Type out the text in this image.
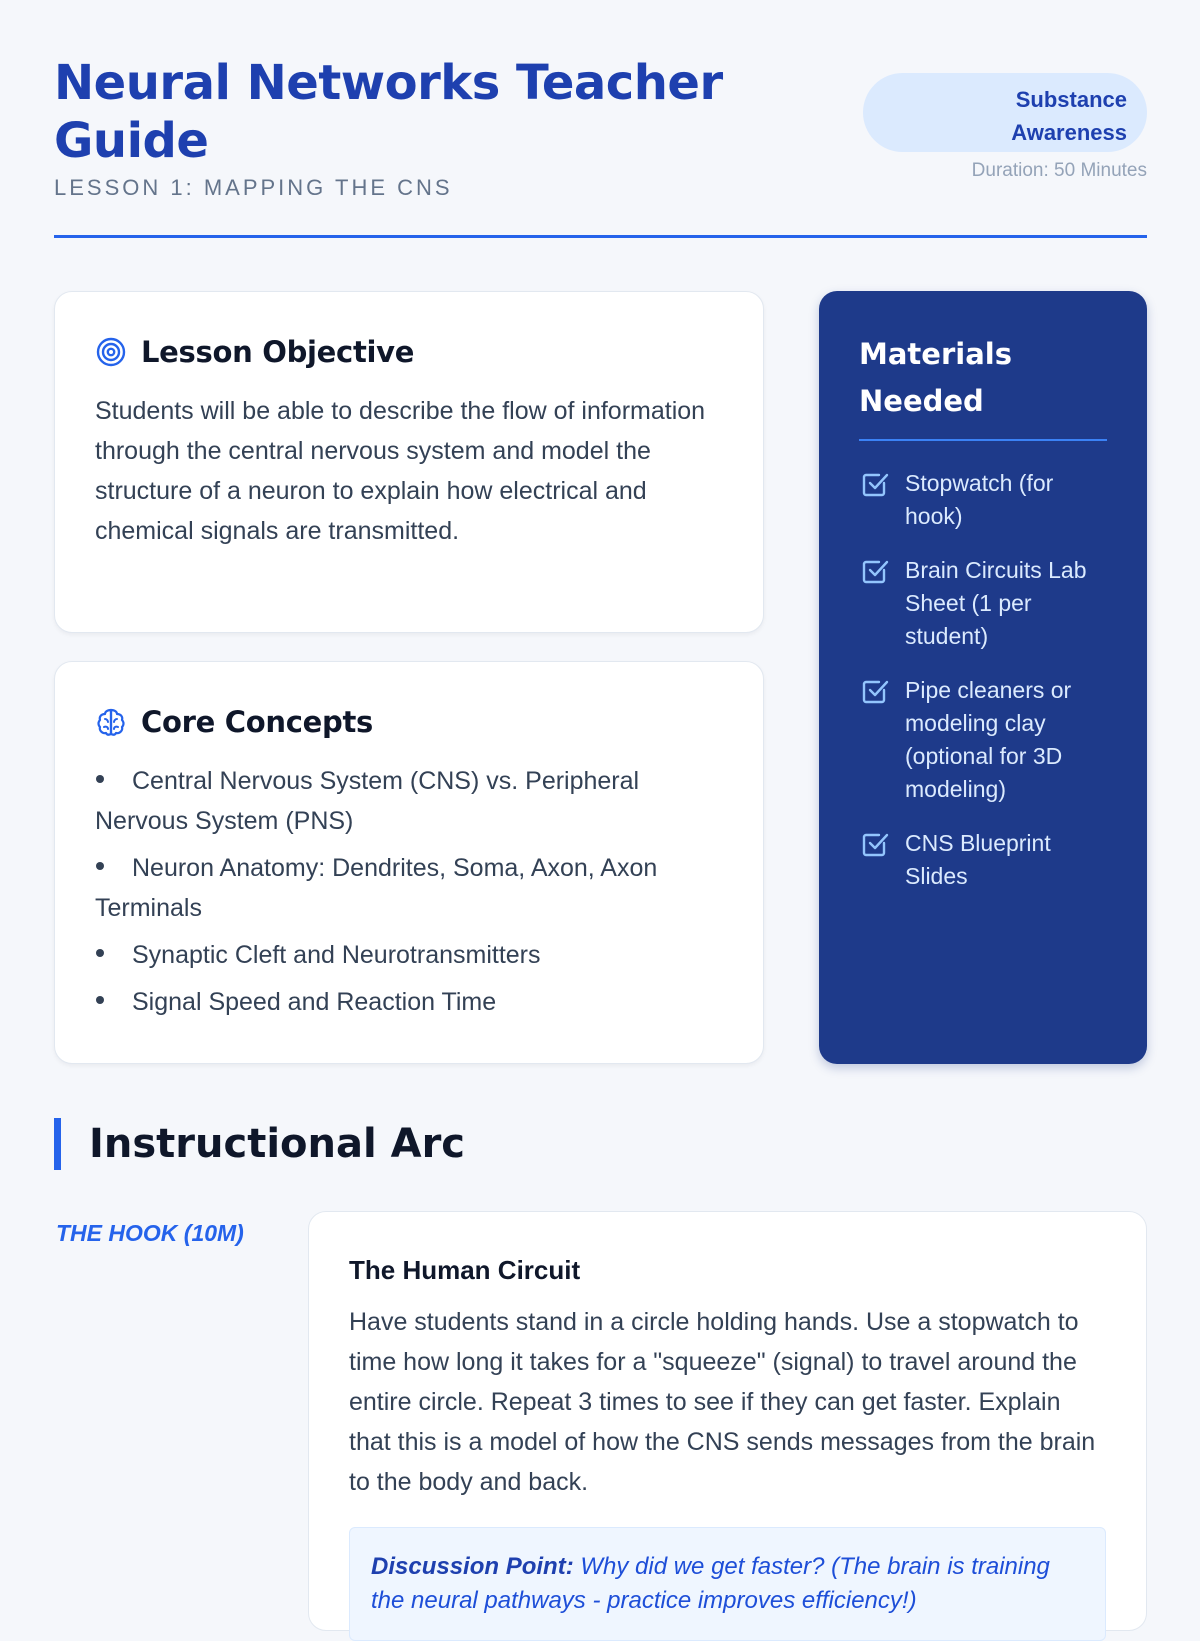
Neural Networks Teacher Guide
LESSON 1: MAPPING THE CNS
Substance Awareness
Duration: 50 Minutes
Lesson Objective

Students will be able to describe the flow of information through the central nervous system and model the structure of a neuron to explain how electrical and chemical signals are transmitted.

Core Concepts
Central Nervous System (CNS) vs. Peripheral Nervous System (PNS)
Neuron Anatomy: Dendrites, Soma, Axon, Axon Terminals
Synaptic Cleft and Neurotransmitters
Signal Speed and Reaction Time
Materials Needed
Stopwatch (for hook)
Brain Circuits Lab Sheet (1 per student)
Pipe cleaners or modeling clay (optional for 3D modeling)
CNS Blueprint Slides
Instructional Arc
THE HOOK (10M)
The Human Circuit

Have students stand in a circle holding hands. Use a stopwatch to time how long it takes for a "squeeze" (signal) to travel around the entire circle. Repeat 3 times to see if they can get faster. Explain that this is a model of how the CNS sends messages from the brain to the body and back.

Discussion Point: Why did we get faster? (The brain is training the neural pathways - practice improves efficiency!)
